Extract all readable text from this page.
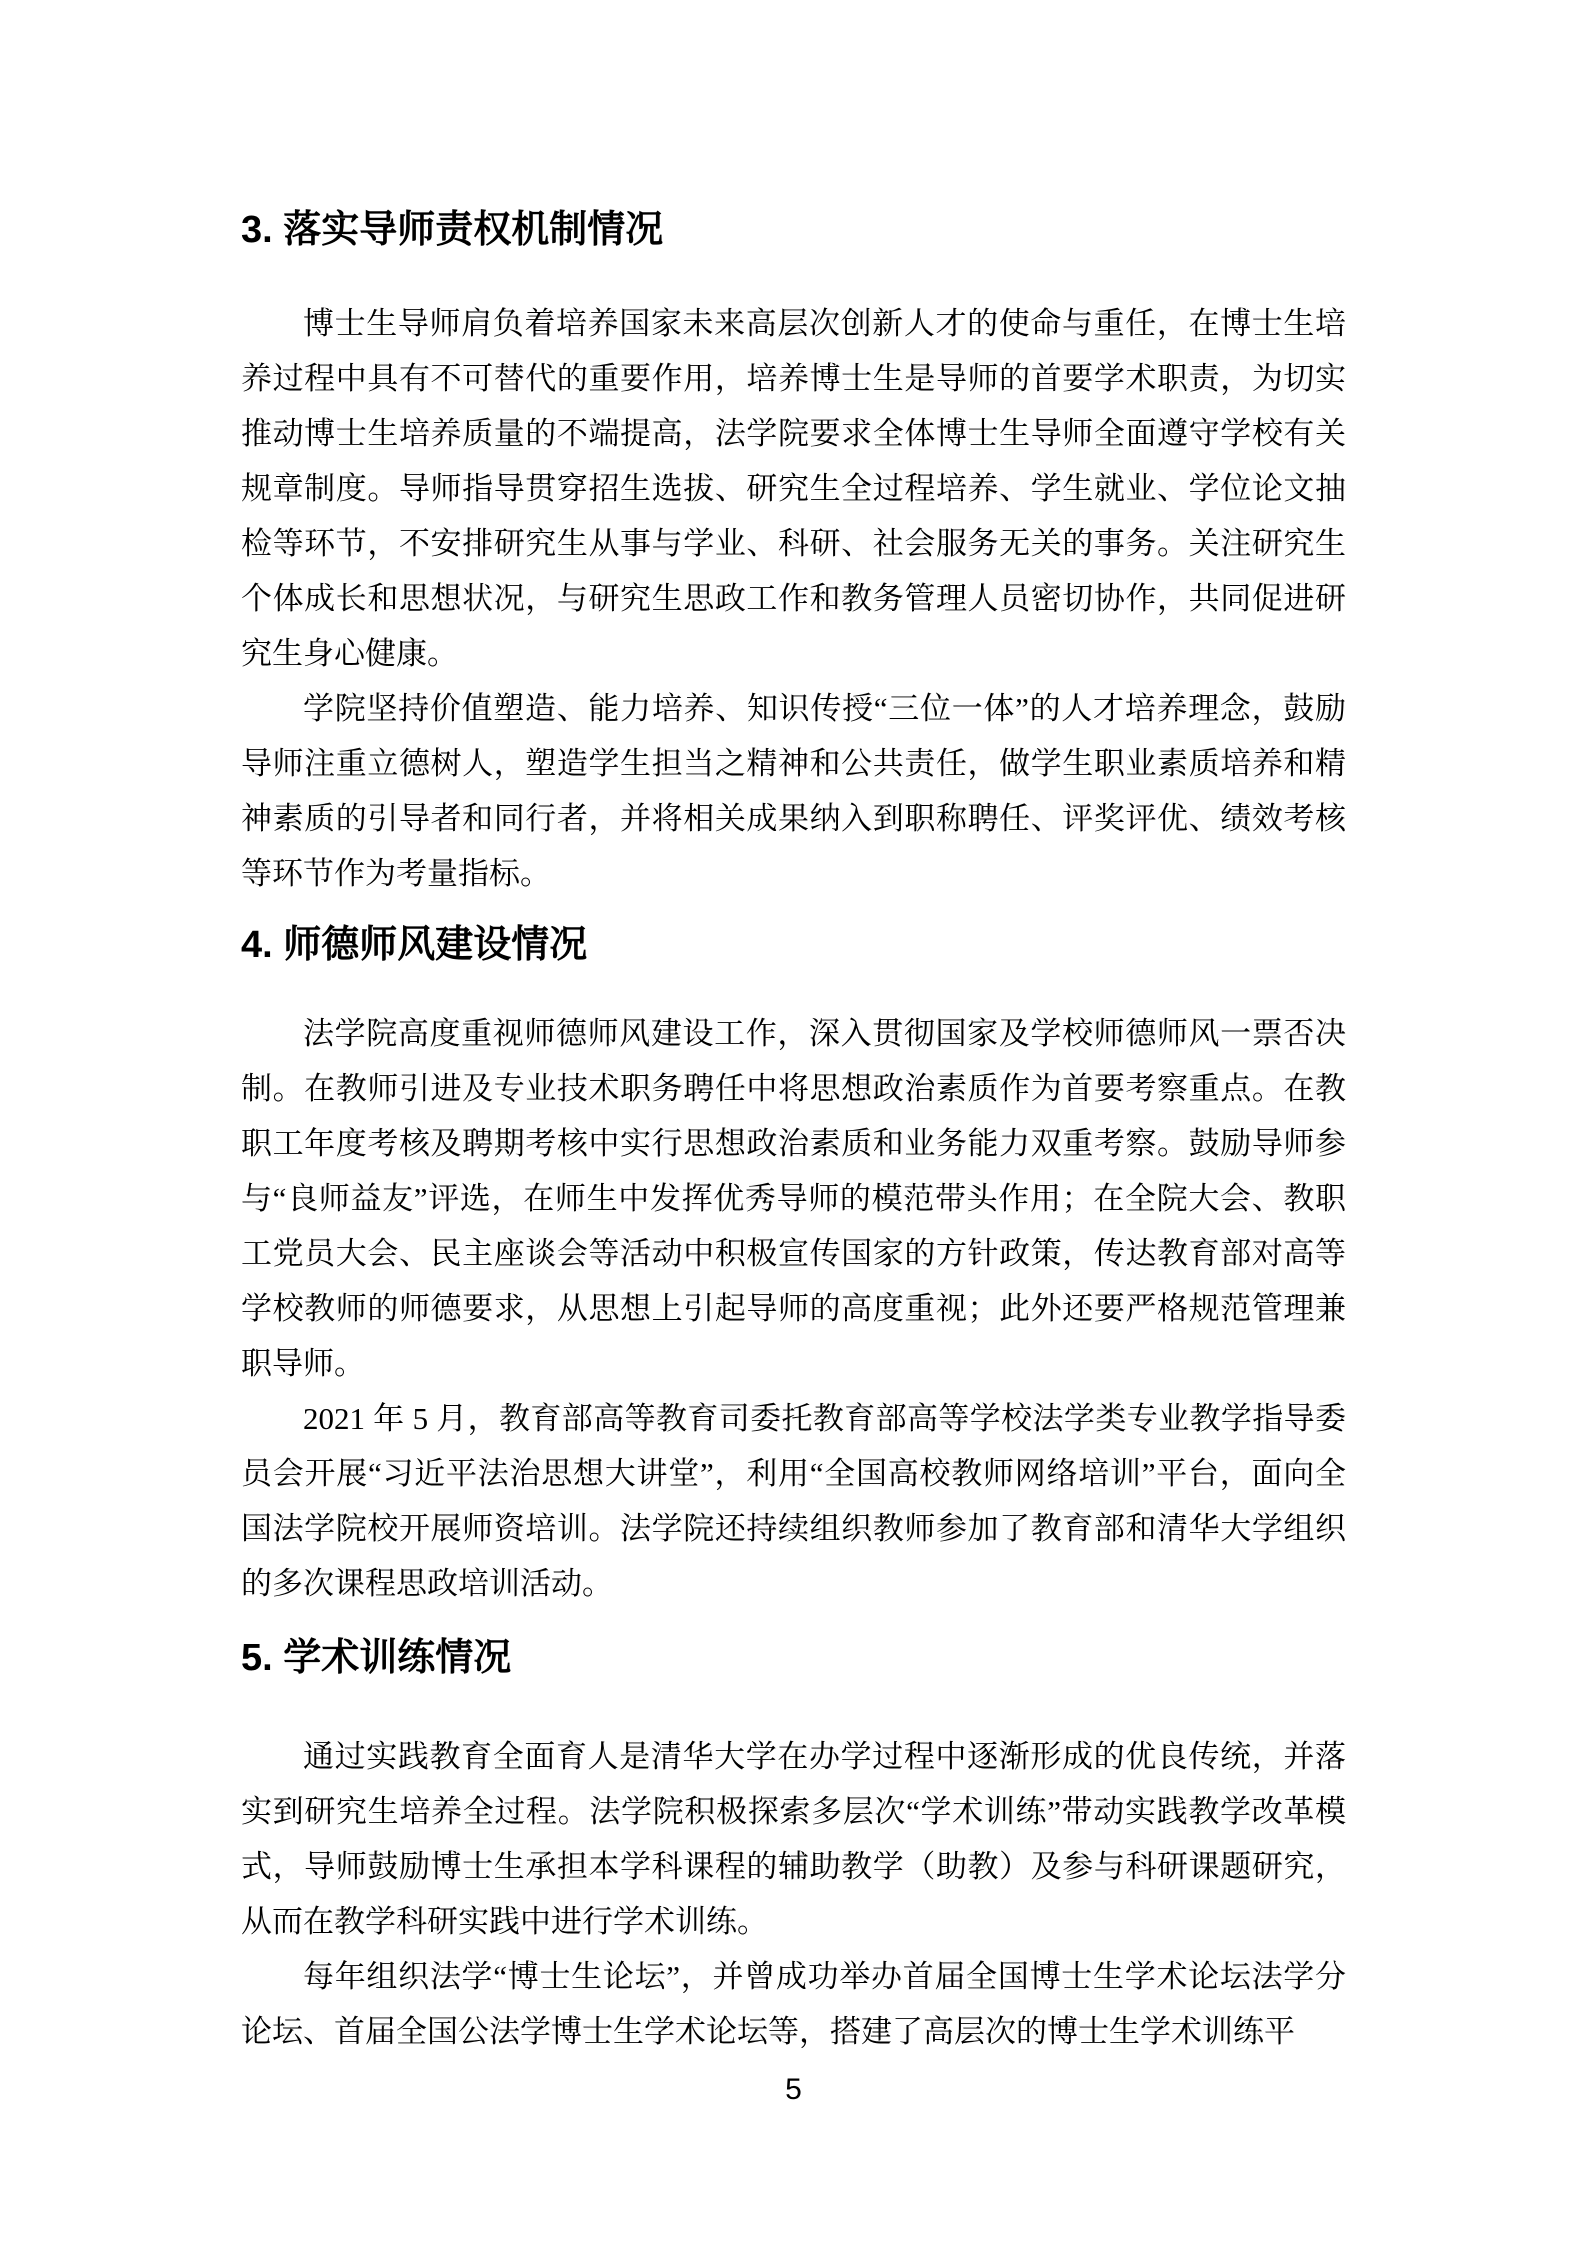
3. 落实导师责权机制情况

博士生导师肩负着培养国家未来高层次创新人才的使命与重任，在博士生培养过程中具有不可替代的重要作用，培养博士生是导师的首要学术职责，为切实推动博士生培养质量的不端提高，法学院要求全体博士生导师全面遵守学校有关规章制度。导师指导贯穿招生选拔、研究生全过程培养、学生就业、学位论文抽检等环节，不安排研究生从事与学业、科研、社会服务无关的事务。关注研究生个体成长和思想状况，与研究生思政工作和教务管理人员密切协作，共同促进研究生身心健康。

学院坚持价值塑造、能力培养、知识传授“三位一体”的人才培养理念，鼓励导师注重立德树人，塑造学生担当之精神和公共责任，做学生职业素质培养和精神素质的引导者和同行者，并将相关成果纳入到职称聘任、评奖评优、绩效考核等环节作为考量指标。

4. 师德师风建设情况

法学院高度重视师德师风建设工作，深入贯彻国家及学校师德师风一票否决制。在教师引进及专业技术职务聘任中将思想政治素质作为首要考察重点。在教职工年度考核及聘期考核中实行思想政治素质和业务能力双重考察。鼓励导师参与“良师益友”评选，在师生中发挥优秀导师的模范带头作用；在全院大会、教职工党员大会、民主座谈会等活动中积极宣传国家的方针政策，传达教育部对高等学校教师的师德要求，从思想上引起导师的高度重视；此外还要严格规范管理兼职导师。

2021 年 5 月，教育部高等教育司委托教育部高等学校法学类专业教学指导委员会开展“习近平法治思想大讲堂”，利用“全国高校教师网络培训”平台，面向全国法学院校开展师资培训。法学院还持续组织教师参加了教育部和清华大学组织的多次课程思政培训活动。

5. 学术训练情况

通过实践教育全面育人是清华大学在办学过程中逐渐形成的优良传统，并落实到研究生培养全过程。法学院积极探索多层次“学术训练”带动实践教学改革模式，导师鼓励博士生承担本学科课程的辅助教学（助教）及参与科研课题研究，从而在教学科研实践中进行学术训练。

每年组织法学“博士生论坛”，并曾成功举办首届全国博士生学术论坛法学分论坛、首届全国公法学博士生学术论坛等，搭建了高层次的博士生学术训练平

5
